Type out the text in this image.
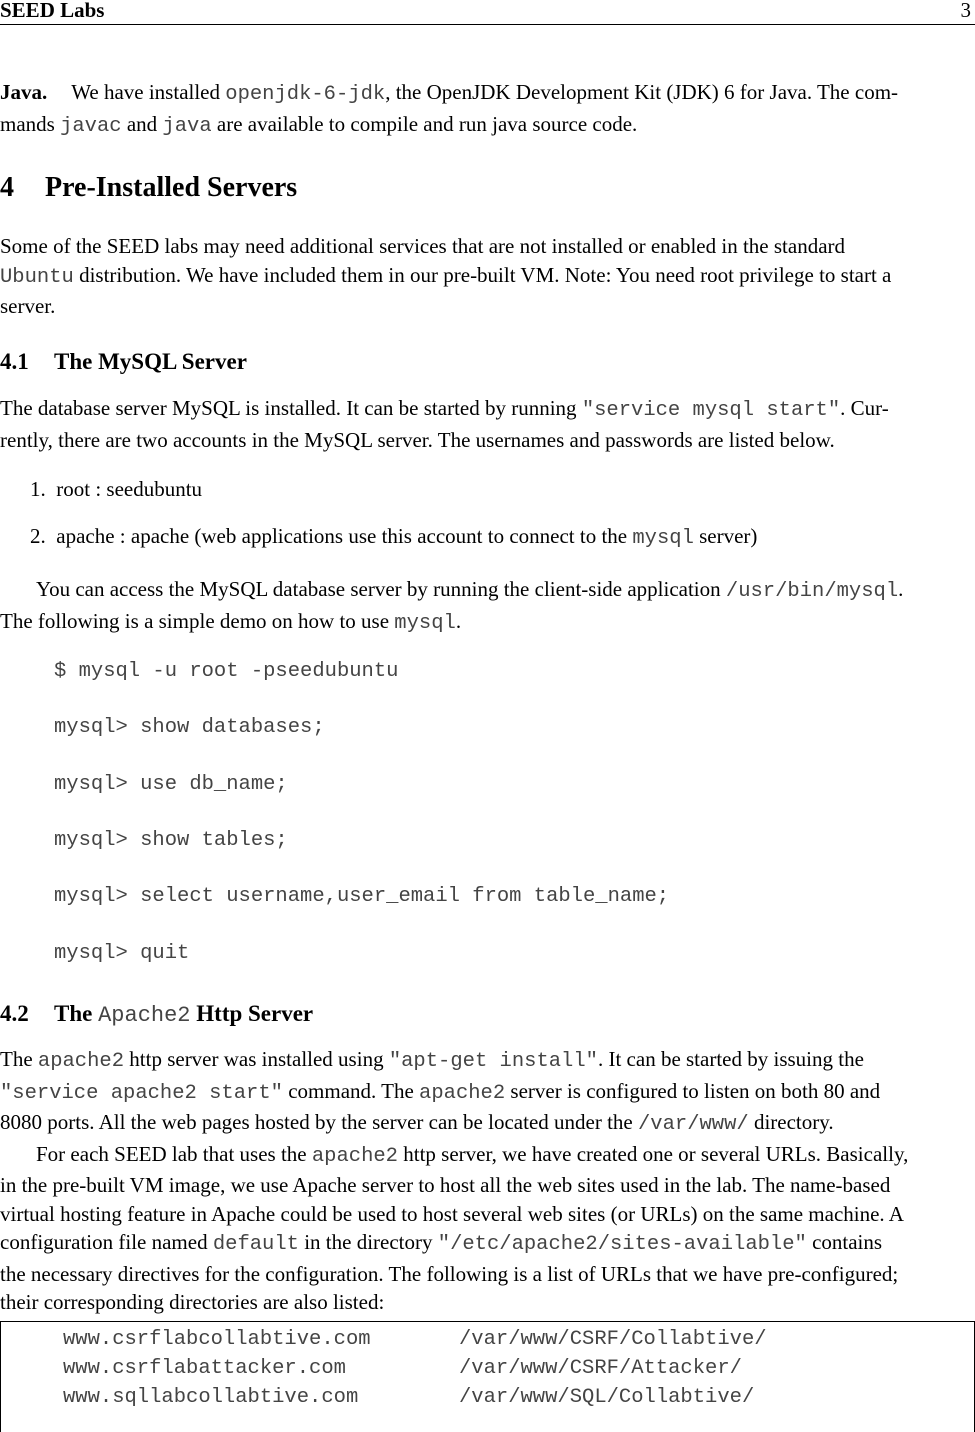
SEED Labs	3
Java. We have installed openjdk-6-jdk, the OpenJDK Development Kit (JDK) 6 for Java. The com-
mands javac and java are available to compile and run java source code.
4 Pre-Installed Servers
Some of the SEED labs may need additional services that are not installed or enabled in the standard
Ubuntu distribution. We have included them in our pre-built VM. Note: You need root privilege to start a
server.
4.1 The MySQL Server
The database server MySQL is installed. It can be started by running "service mysql start". Cur-
rently, there are two accounts in the MySQL server. The usernames and passwords are listed below.
1. root : seedubuntu
2. apache : apache (web applications use this account to connect to the mysql server)
You can access the MySQL database server by running the client-side application /usr/bin/mysql.
The following is a simple demo on how to use mysql.
$ mysql -u root -pseedubuntu
mysql> show databases;
mysql> use db_name;
mysql> show tables;
mysql> select username,user_email from table_name;
mysql> quit
4.2 The Apache2 Http Server
The apache2 http server was installed using "apt-get install". It can be started by issuing the
"service apache2 start" command. The apache2 server is configured to listen on both 80 and
8080 ports. All the web pages hosted by the server can be located under the /var/www/ directory.
For each SEED lab that uses the apache2 http server, we have created one or several URLs. Basically,
in the pre-built VM image, we use Apache server to host all the web sites used in the lab. The name-based
virtual hosting feature in Apache could be used to host several web sites (or URLs) on the same machine. A
configuration file named default in the directory "/etc/apache2/sites-available" contains
the necessary directives for the configuration. The following is a list of URLs that we have pre-configured;
their corresponding directories are also listed:
www.csrflabcollabtive.com	/var/www/CSRF/Collabtive/
www.csrflabattacker.com	/var/www/CSRF/Attacker/
www.sqllabcollabtive.com	/var/www/SQL/Collabtive/
